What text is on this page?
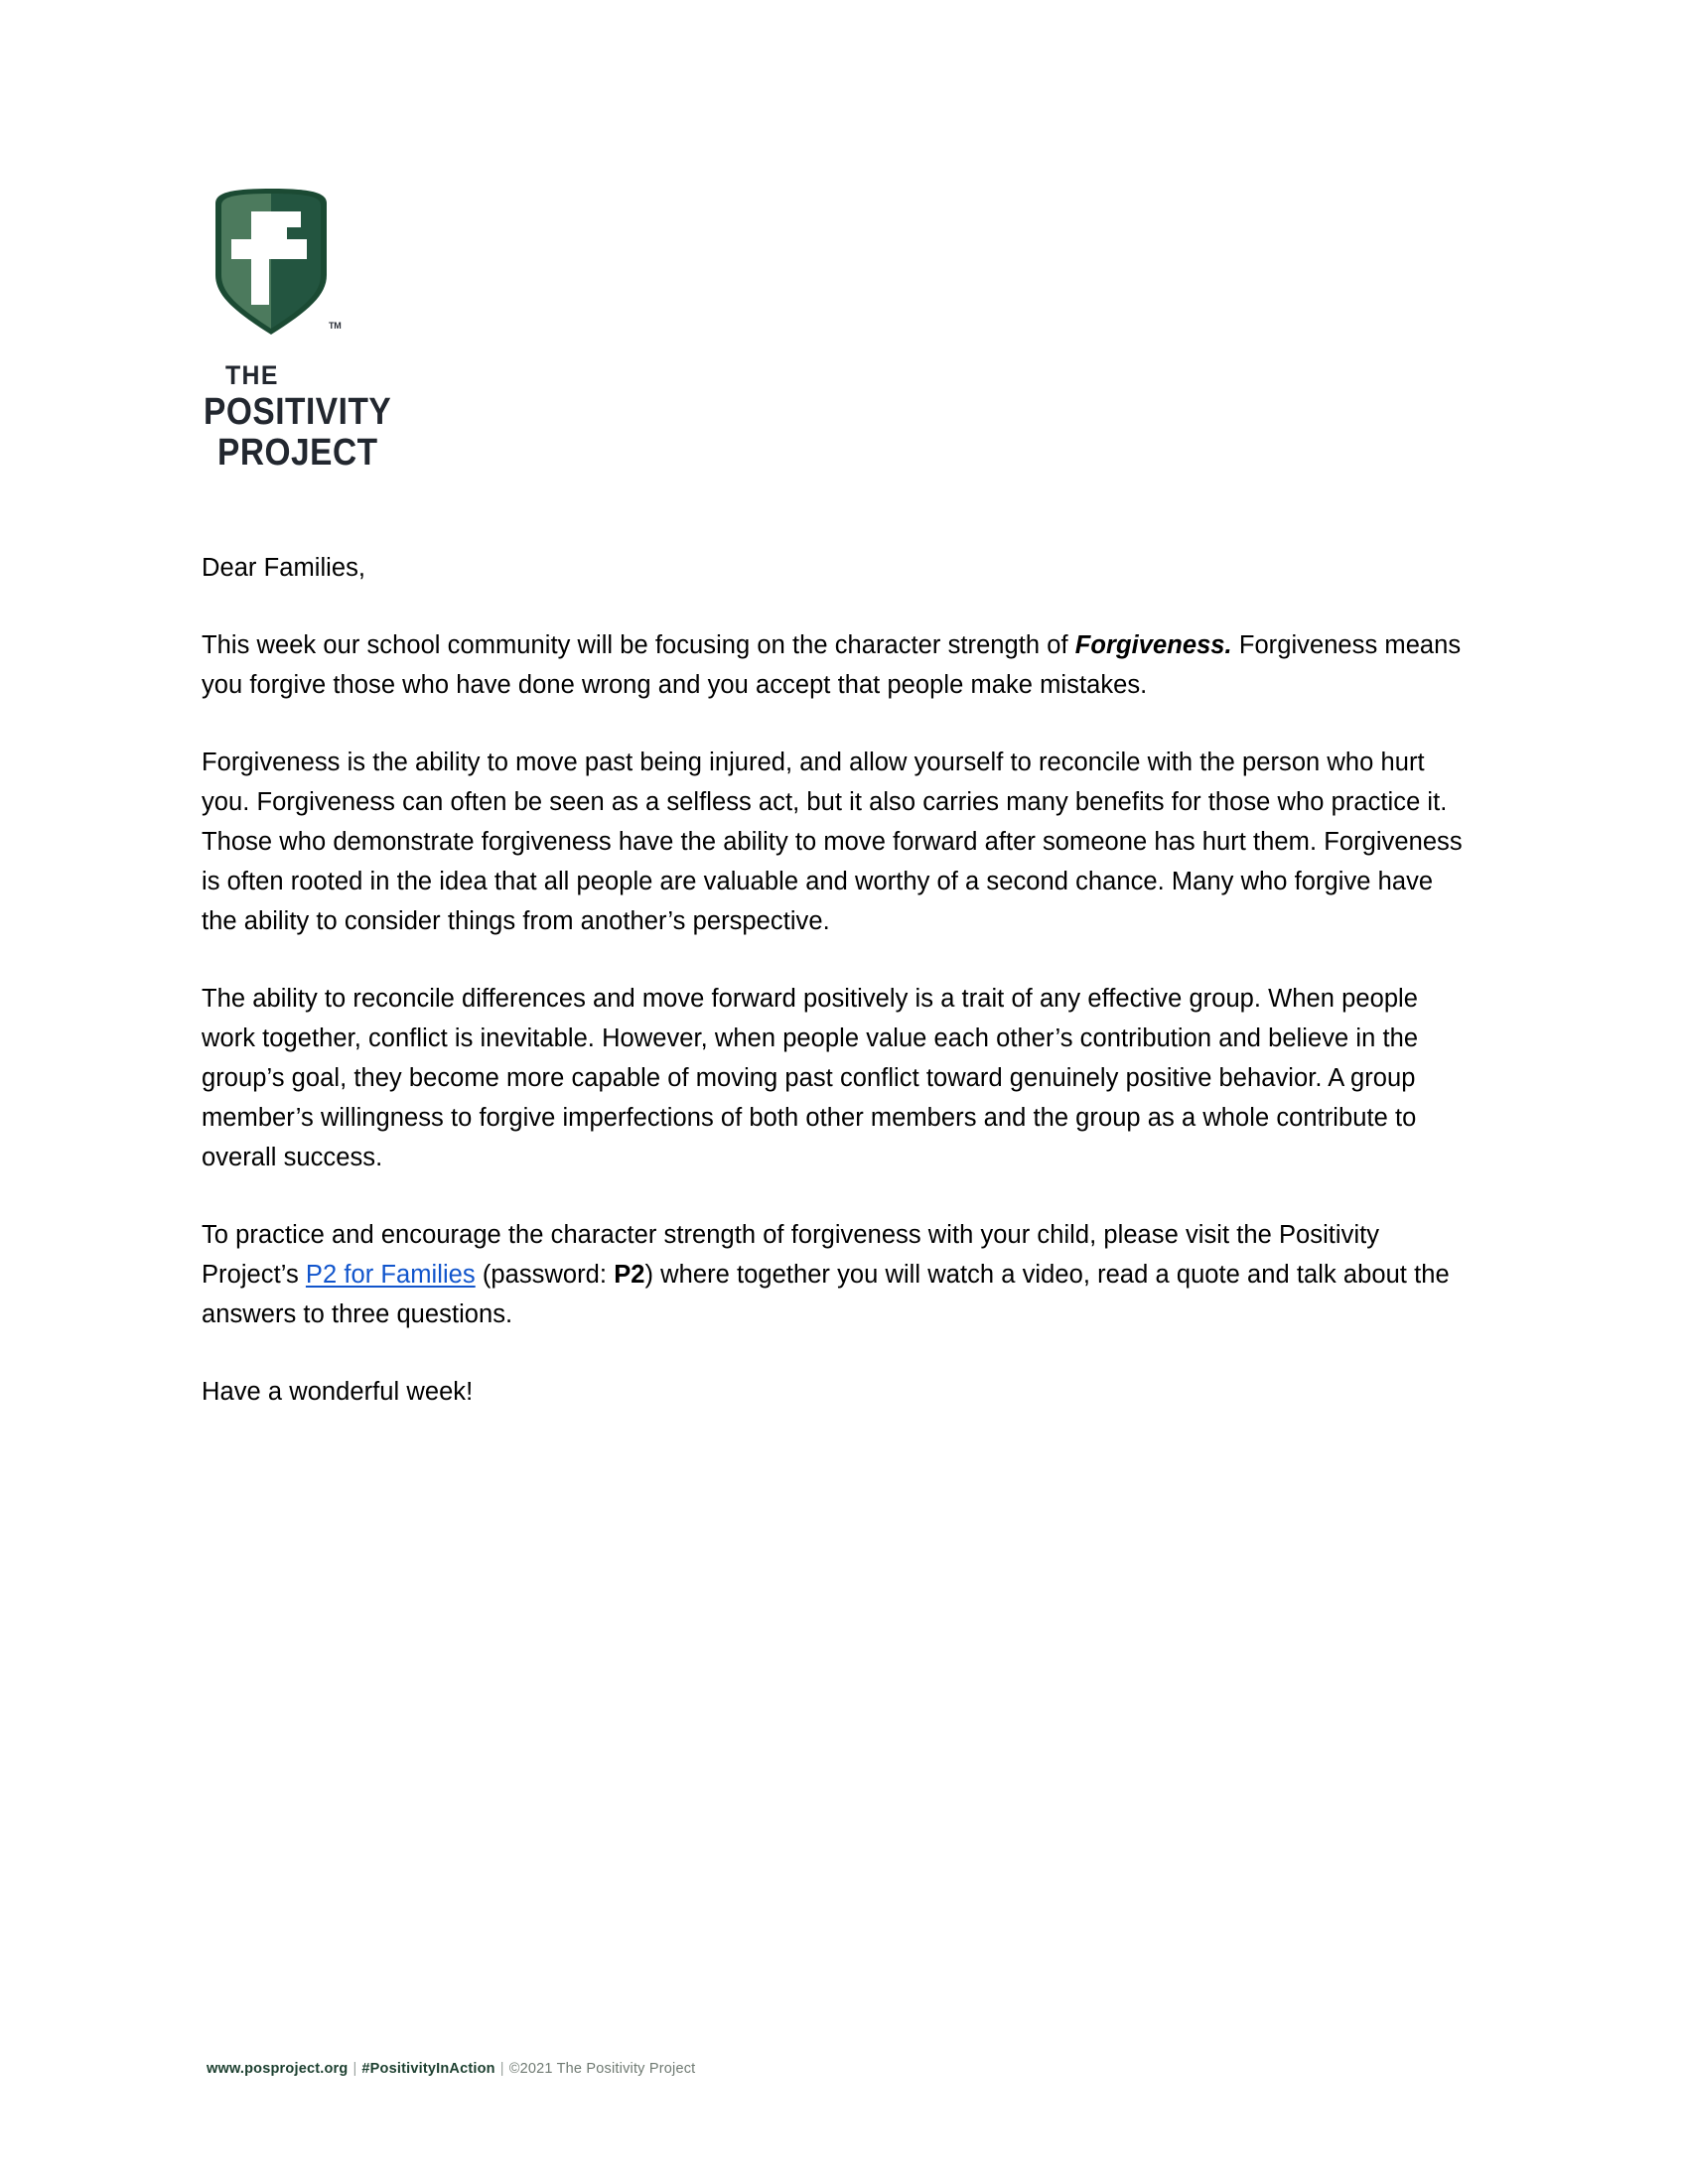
TM
THE
POSITIVITY
PROJECT

Dear Families,

This week our school community will be focusing on the character strength of Forgiveness. Forgiveness means you forgive those who have done wrong and you accept that people make mistakes.

Forgiveness is the ability to move past being injured, and allow yourself to reconcile with the person who hurt you. Forgiveness can often be seen as a selfless act, but it also carries many benefits for those who practice it. Those who demonstrate forgiveness have the ability to move forward after someone has hurt them. Forgiveness is often rooted in the idea that all people are valuable and worthy of a second chance. Many who forgive have the ability to consider things from another’s perspective.

The ability to reconcile differences and move forward positively is a trait of any effective group. When people work together, conflict is inevitable. However, when people value each other’s contribution and believe in the group’s goal, they become more capable of moving past conflict toward genuinely positive behavior. A group member’s willingness to forgive imperfections of both other members and the group as a whole contribute to overall success.

To practice and encourage the character strength of forgiveness with your child, please visit the Positivity Project’s P2 for Families (password: P2) where together you will watch a video, read a quote and talk about the answers to three questions.

Have a wonderful week!

www.posproject.org | #PositivityInAction | ©2021 The Positivity Project
